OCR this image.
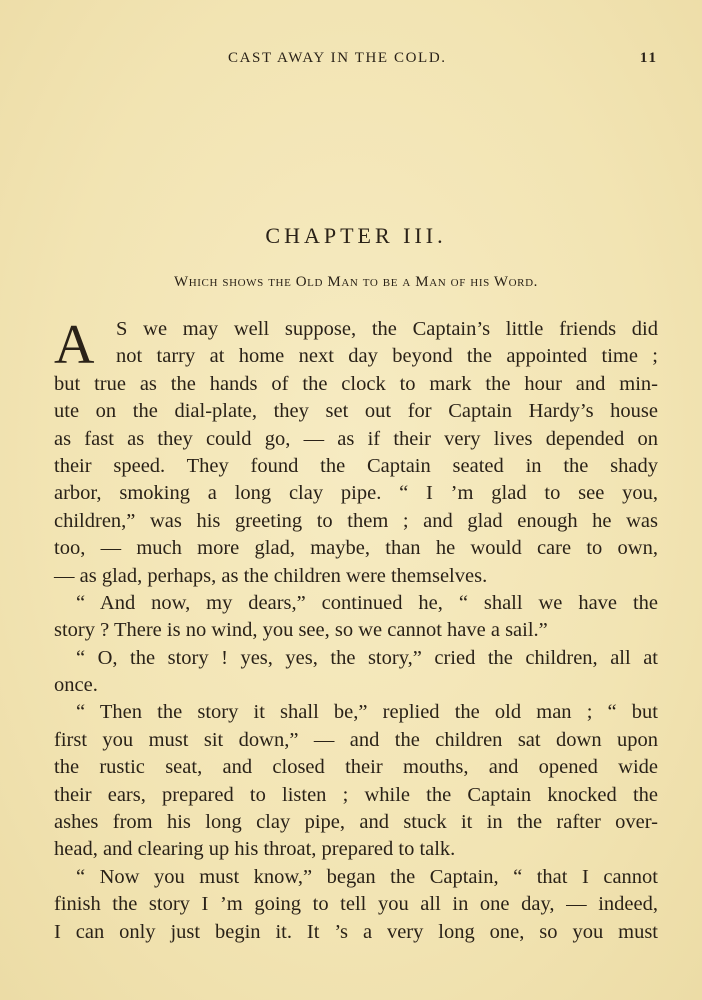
CAST AWAY IN THE COLD.	11
CHAPTER III.
Which shows the Old Man to be a Man of his Word.
A	S we may well suppose, the Captain’s little friends did
not tarry at home next day beyond the appointed time ;
but true as the hands of the clock to mark the hour and min-
ute on the dial-plate, they set out for Captain Hardy’s house
as fast as they could go, — as if their very lives depended on
their speed. They found the Captain seated in the shady
arbor, smoking a long clay pipe. “ I ’m glad to see you,
children,” was his greeting to them ; and glad enough he was
too, — much more glad, maybe, than he would care to own,
— as glad, perhaps, as the children were themselves.
“ And now, my dears,” continued he, “ shall we have the
story ? There is no wind, you see, so we cannot have a sail.”
“ O, the story ! yes, yes, the story,” cried the children, all at
once.
“ Then the story it shall be,” replied the old man ; “ but
first you must sit down,” — and the children sat down upon
the rustic seat, and closed their mouths, and opened wide
their ears, prepared to listen ; while the Captain knocked the
ashes from his long clay pipe, and stuck it in the rafter over-
head, and clearing up his throat, prepared to talk.
“ Now you must know,” began the Captain, “ that I cannot
finish the story I ’m going to tell you all in one day, — indeed,
I can only just begin it. It ’s a very long one, so you must
